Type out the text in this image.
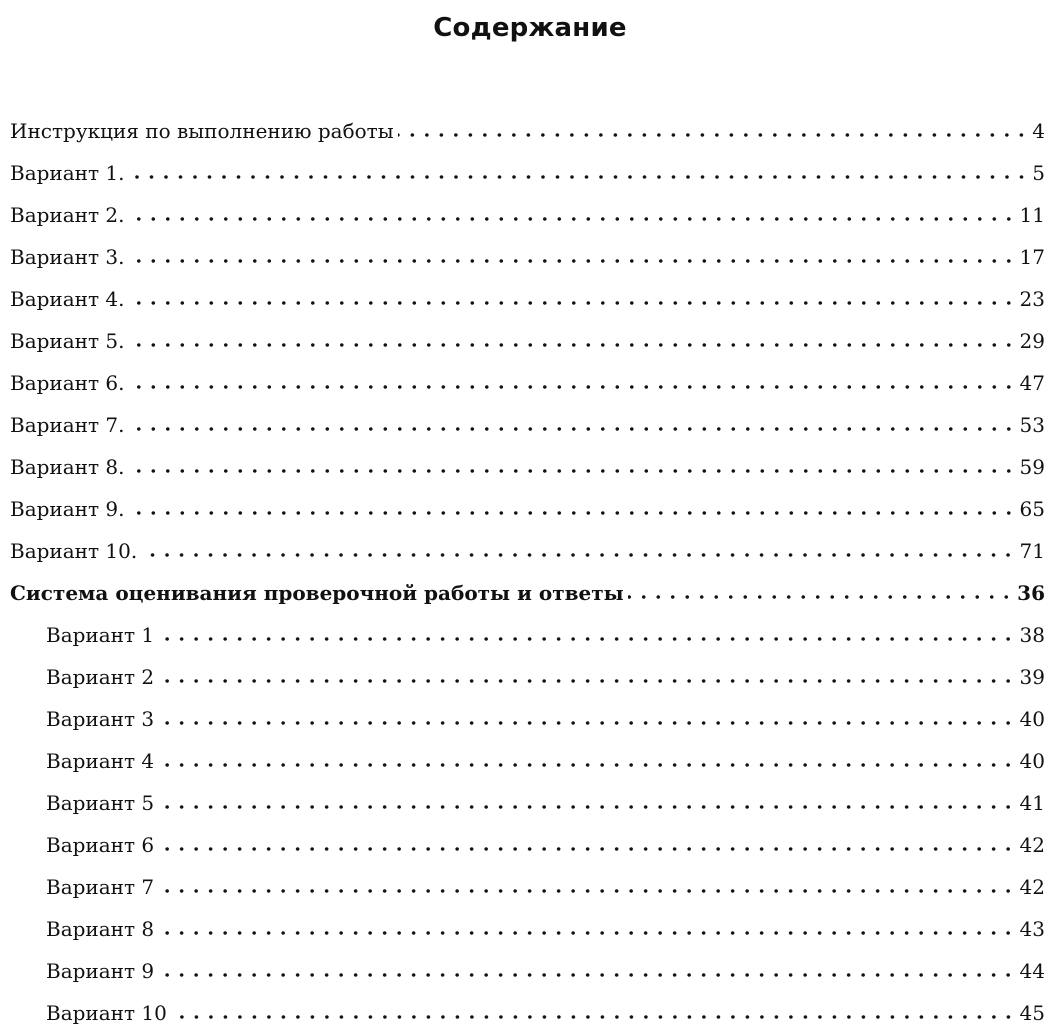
Содержание
Инструкция по выполнению работы	4
Вариант 1.	5
Вариант 2.	11
Вариант 3.	17
Вариант 4.	23
Вариант 5.	29
Вариант 6.	47
Вариант 7.	53
Вариант 8.	59
Вариант 9.	65
Вариант 10.	71
Система оценивания проверочной работы и ответы	36
Вариант 1	38
Вариант 2	39
Вариант 3	40
Вариант 4	40
Вариант 5	41
Вариант 6	42
Вариант 7	42
Вариант 8	43
Вариант 9	44
Вариант 10	45
